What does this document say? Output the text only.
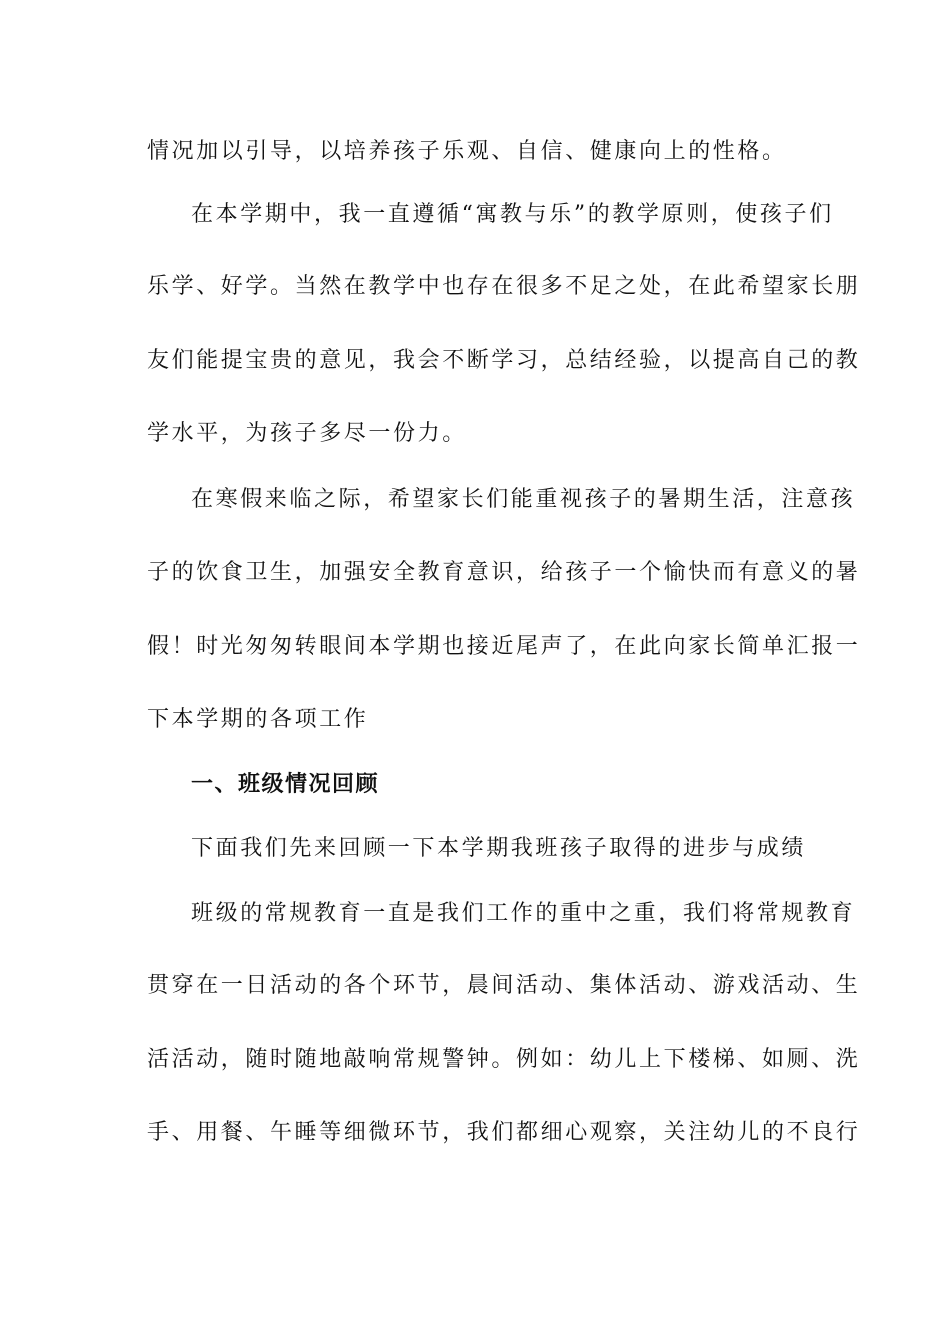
情况加以引导，以培养孩子乐观、自信、健康向上的性格。
在本学期中，我一直遵循“寓教与乐”的教学原则，使孩子们
乐学、好学。当然在教学中也存在很多不足之处，在此希望家长朋
友们能提宝贵的意见，我会不断学习，总结经验，以提高自己的教
学水平，为孩子多尽一份力。
在寒假来临之际，希望家长们能重视孩子的暑期生活，注意孩
子的饮食卫生，加强安全教育意识，给孩子一个愉快而有意义的暑
假！时光匆匆转眼间本学期也接近尾声了，在此向家长简单汇报一
下本学期的各项工作
一、班级情况回顾
下面我们先来回顾一下本学期我班孩子取得的进步与成绩
班级的常规教育一直是我们工作的重中之重，我们将常规教育
贯穿在一日活动的各个环节，晨间活动、集体活动、游戏活动、生
活活动，随时随地敲响常规警钟。例如：幼儿上下楼梯、如厕、洗
手、用餐、午睡等细微环节，我们都细心观察，关注幼儿的不良行
